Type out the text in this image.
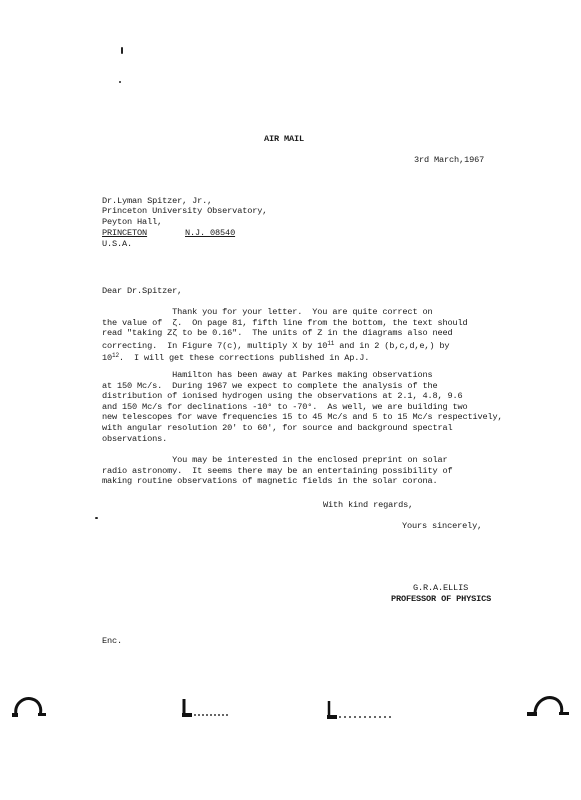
AIR MAIL
3rd March,1967
Dr.Lyman Spitzer, Jr.,
Princeton University Observatory,
Peyton Hall,
PRINCETON	N.J. 08540
U.S.A.
Dear Dr.Spitzer,
Thank you for your letter.  You are quite correct on
the value of  ζ.  On page 81, fifth line from the bottom, the text should
read "taking Zζ to be 0.16".  The units of Z in the diagrams also need
correcting.  In Figure 7(c), multiply X by $10^{11}$ and in 2 (b,c,d,e,) by
$10^{12}$.  I will get these corrections published in Ap.J.
Hamilton has been away at Parkes making observations
at 150 Mc/s.  During 1967 we expect to complete the analysis of the
distribution of ionised hydrogen using the observations at 2.1, 4.8, 9.6
and 150 Mc/s for declinations -10° to -70°.  As well, we are building two
new telescopes for wave frequencies 15 to 45 Mc/s and 5 to 15 Mc/s respectively,
with angular resolution 20' to 60', for source and background spectral
observations.
You may be interested in the enclosed preprint on solar
radio astronomy.  It seems there may be an entertaining possibility of
making routine observations of magnetic fields in the solar corona.
With kind regards,
Yours sincerely,
G.R.A.ELLIS
PROFESSOR OF PHYSICS
Enc.
